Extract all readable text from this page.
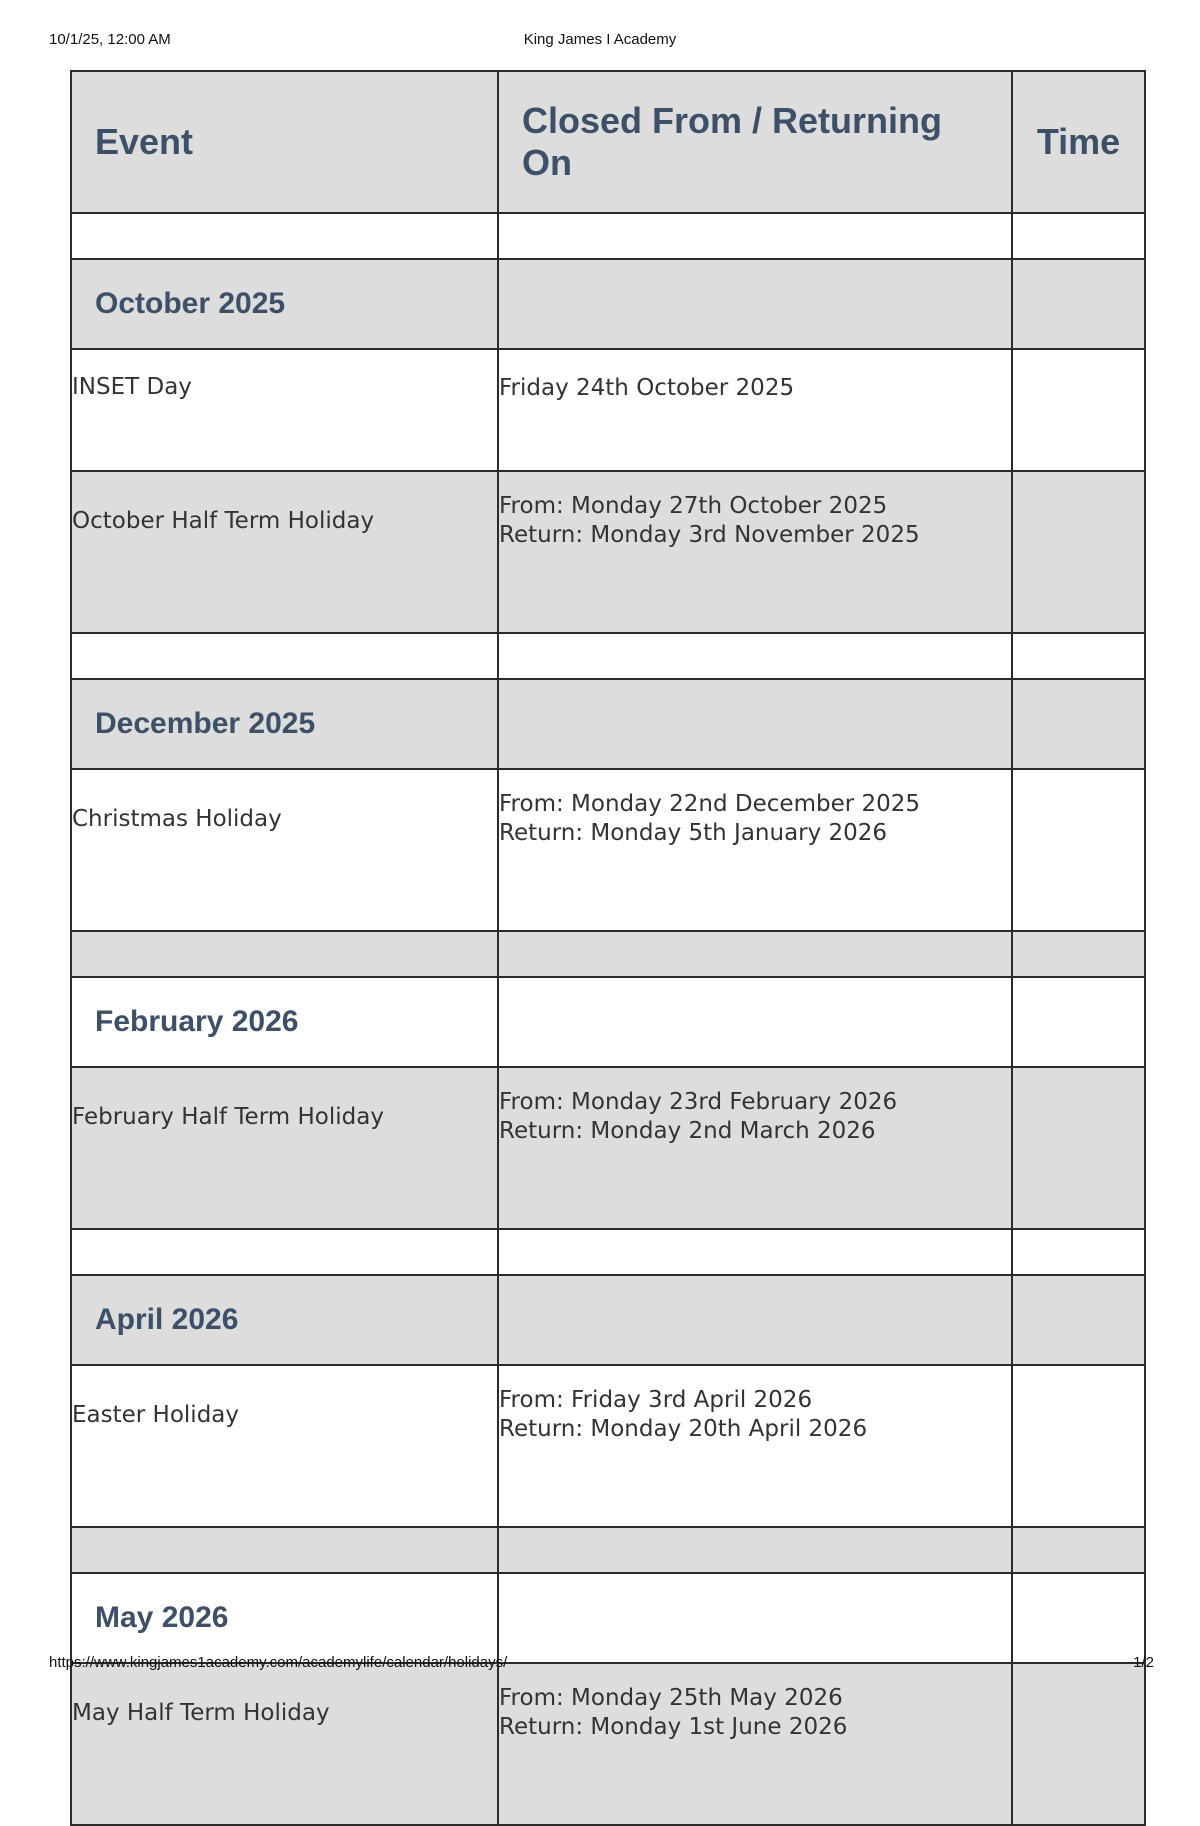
10/1/25, 12:00 AM	King James I Academy
Event	Closed From / Returning On	Time

October 2025		
INSET Day	Friday 24th October 2025	

October Half Term Holiday	From: Monday 27th October 2025
Return: Monday 3rd November 2025	

December 2025		
Christmas Holiday	From: Monday 22nd December 2025
Return: Monday 5th January 2026	

February 2026		
February Half Term Holiday	From: Monday 23rd February 2026
Return: Monday 2nd March 2026	

April 2026		
Easter Holiday	From: Friday 3rd April 2026
Return: Monday 20th April 2026	

May 2026		
May Half Term Holiday	From: Monday 25th May 2026
Return: Monday 1st June 2026	

https://www.kingjames1academy.com/academylife/calendar/holidays/	1/2
